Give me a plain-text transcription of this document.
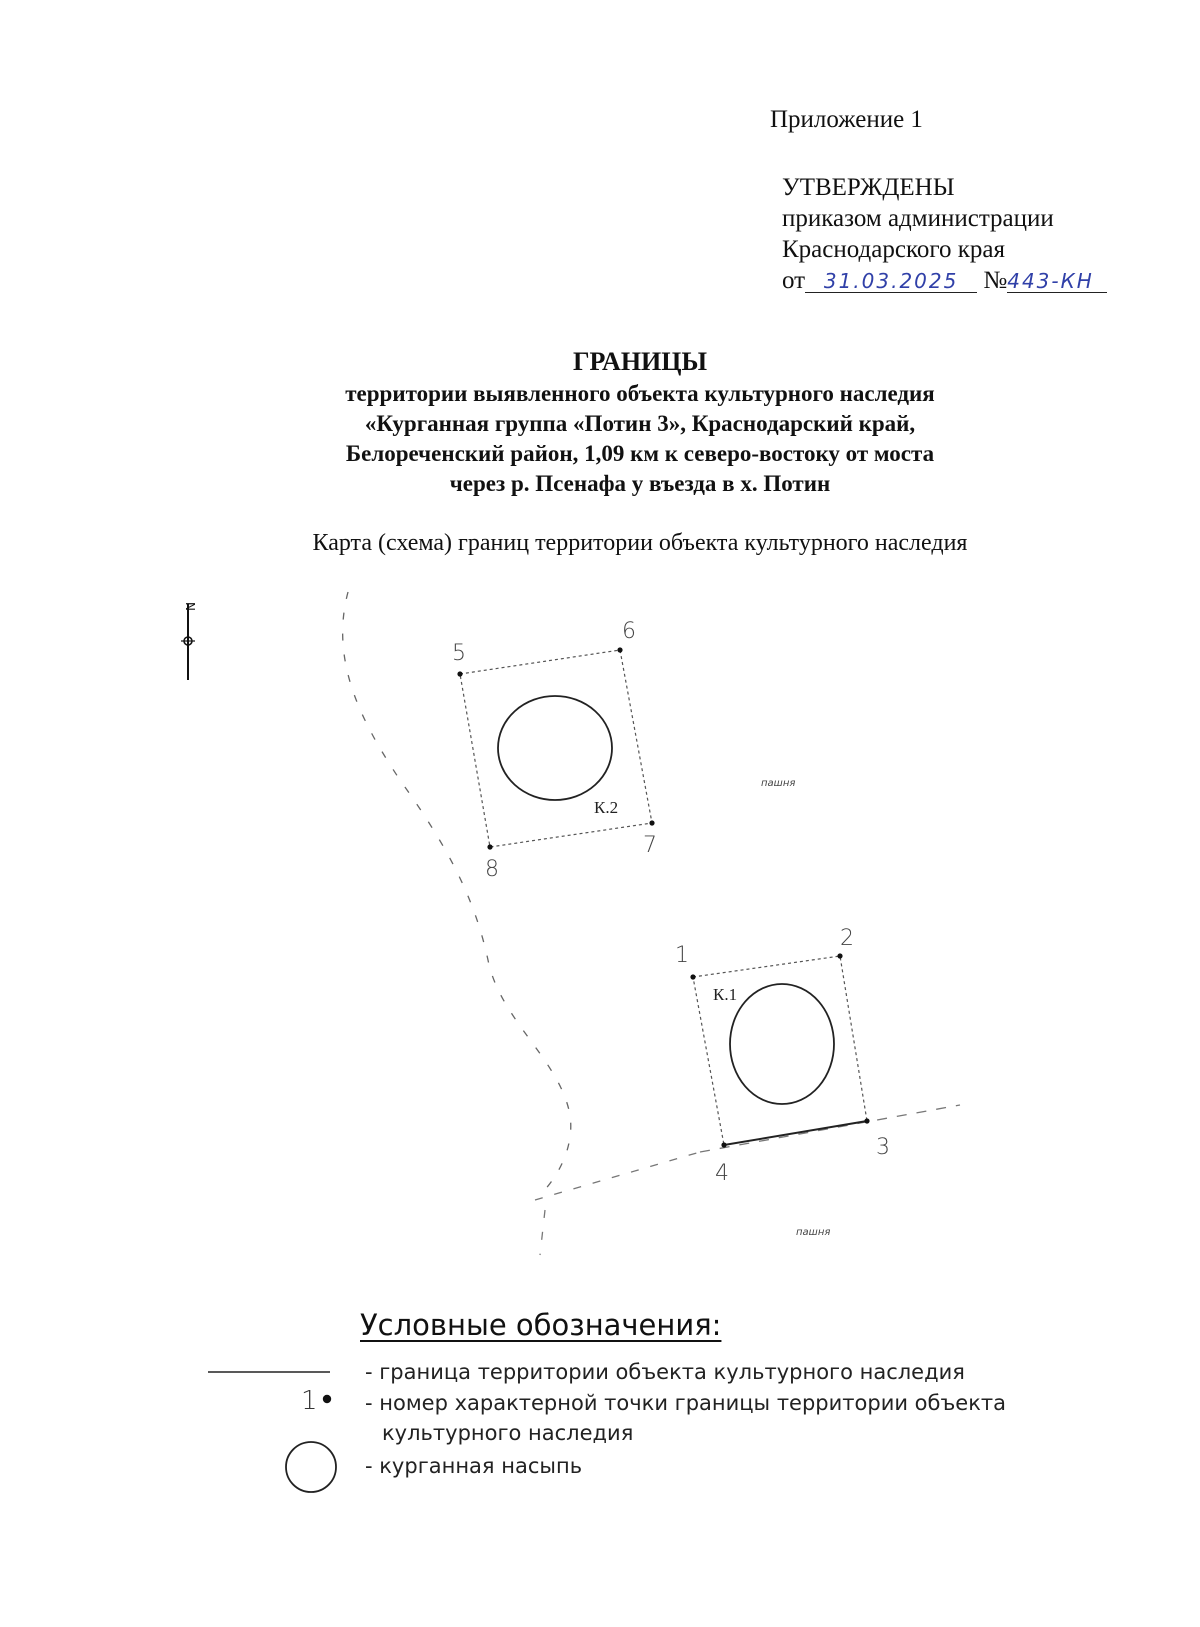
Приложение 1
УТВЕРЖДЕНЫ
приказом администрации
Краснодарского края
от 31.03.2025 №443-КН
ГРАНИЦЫ
территории выявленного объекта культурного наследия
«Курганная группа «Потин 3», Краснодарский край,
Белореченский район, 1,09 км к северо-востоку от моста
через р. Псенафа у въезда в х. Потин
Карта (схема) границ территории объекта культурного наследия
N
1
2
3
4
5
6
7
8
К.1
К.2
пашня
пашня
1
Условные обозначения:
- граница территории объекта культурного наследия
- номер характерной точки границы территории объекта
культурного наследия
- курганная насыпь
